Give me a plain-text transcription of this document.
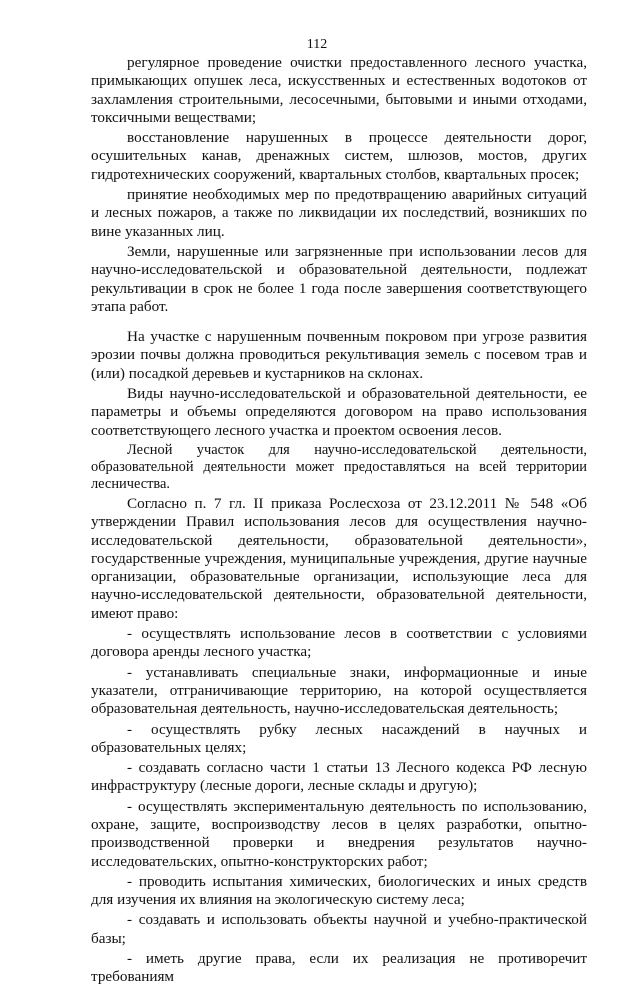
112

регулярное проведение очистки предоставленного лесного участка, примыкающих опушек леса, искусственных и естественных водотоков от захламления строительными, лесосечными, бытовыми и иными отходами, токсичными веществами;

восстановление нарушенных в процессе деятельности дорог, осушительных канав, дренажных систем, шлюзов, мостов, других гидротехнических сооружений, квартальных столбов, квартальных просек;

принятие необходимых мер по предотвращению аварийных ситуаций и лесных пожаров, а также по ликвидации их последствий, возникших по вине указанных лиц.

Земли, нарушенные или загрязненные при использовании лесов для научно-исследовательской и образовательной деятельности, подлежат рекультивации в срок не более 1 года после завершения соответствующего этапа работ.

На участке с нарушенным почвенным покровом при угрозе развития эрозии почвы должна проводиться рекультивация земель с посевом трав и (или) посадкой деревьев и кустарников на склонах.

Виды научно-исследовательской и образовательной деятельности, ее параметры и объемы определяются договором на право использования соответствующего лесного участка и проектом освоения лесов.

Лесной участок для научно-исследовательской деятельности, образовательной деятельности может предоставляться на всей территории лесничества.

Согласно п. 7 гл. II приказа Рослесхоза от 23.12.2011 № 548 «Об утверждении Правил использования лесов для осуществления научно-исследовательской деятельности, образовательной деятельности», государственные учреждения, муниципальные учреждения, другие научные организации, образовательные организации, использующие леса для научно-исследовательской деятельности, образовательной деятельности, имеют право:

- осуществлять использование лесов в соответствии с условиями договора аренды лесного участка;

- устанавливать специальные знаки, информационные и иные указатели, отграничивающие территорию, на которой осуществляется образовательная деятельность, научно-исследовательская деятельность;

- осуществлять рубку лесных насаждений в научных и образовательных целях;

- создавать согласно части 1 статьи 13 Лесного кодекса РФ лесную инфраструктуру (лесные дороги, лесные склады и другую);

- осуществлять экспериментальную деятельность по использованию, охране, защите, воспроизводству лесов в целях разработки, опытно-производственной проверки и внедрения результатов научно-исследовательских, опытно-конструкторских работ;

- проводить испытания химических, биологических и иных средств для изучения их влияния на экологическую систему леса;

- создавать и использовать объекты научной и учебно-практической базы;

- иметь другие права, если их реализация не противоречит требованиям
